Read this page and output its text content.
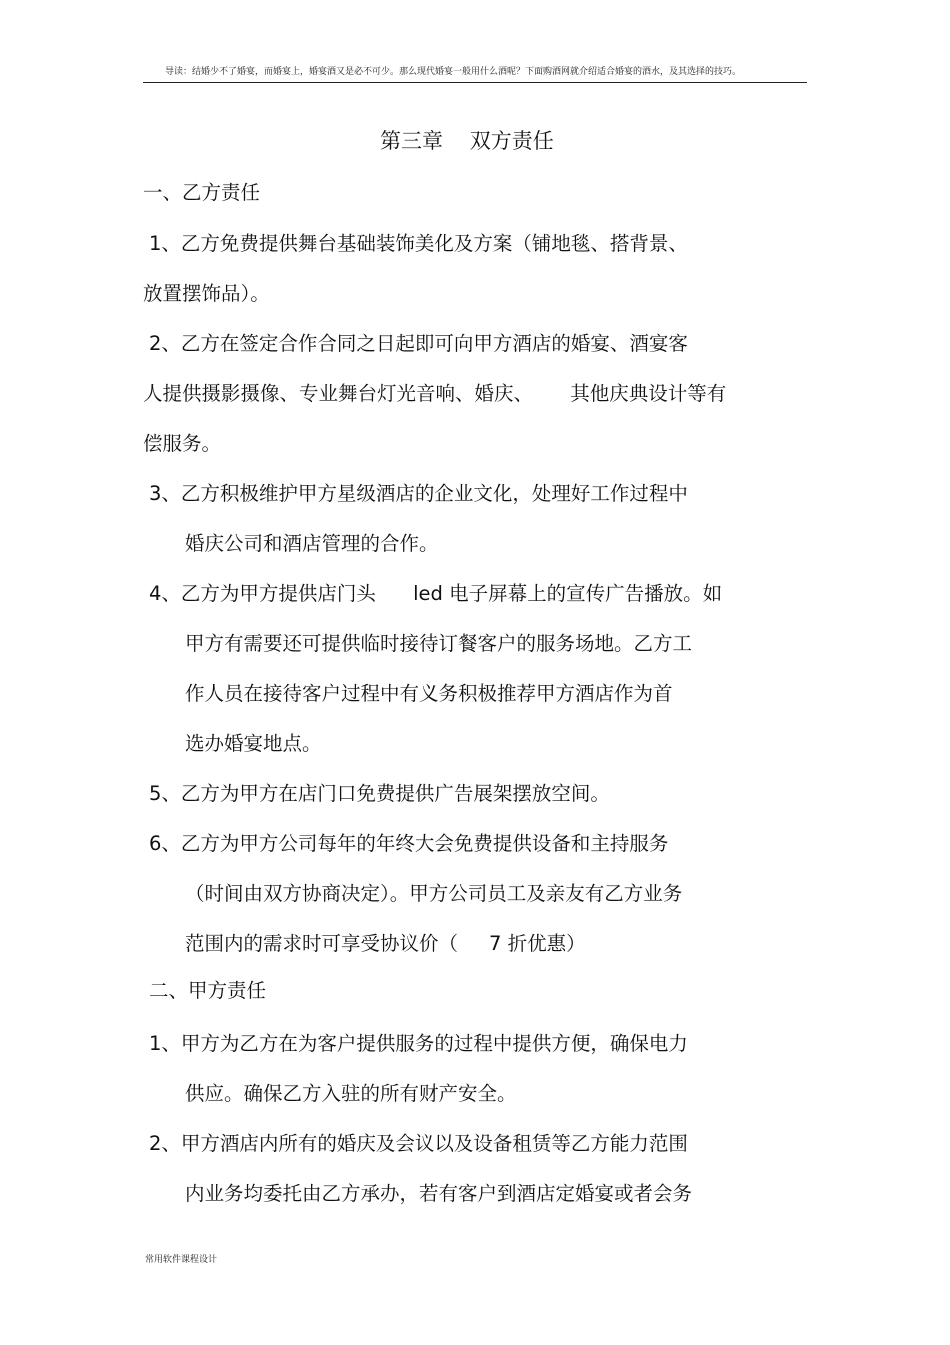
导读：结婚少不了婚宴，而婚宴上，婚宴酒又是必不可少。那么现代婚宴一般用什么酒呢？下面购酒网就介绍适合婚宴的酒水，及其选择的技巧。
第三章    双方责任
一、乙方责任
1、乙方免费提供舞台基础装饰美化及方案（铺地毯、搭背景、
放置摆饰品）。
2、乙方在签定合作合同之日起即可向甲方酒店的婚宴、酒宴客
人提供摄影摄像、专业舞台灯光音响、婚庆、      其他庆典设计等有
偿服务。
3、乙方积极维护甲方星级酒店的企业文化，处理好工作过程中
婚庆公司和酒店管理的合作。
4、乙方为甲方提供店门头      led 电子屏幕上的宣传广告播放。如
甲方有需要还可提供临时接待订餐客户的服务场地。乙方工
作人员在接待客户过程中有义务积极推荐甲方酒店作为首
选办婚宴地点。
5、乙方为甲方在店门口免费提供广告展架摆放空间。
6、乙方为甲方公司每年的年终大会免费提供设备和主持服务
（时间由双方协商决定）。甲方公司员工及亲友有乙方业务
范围内的需求时可享受协议价（     7 折优惠）
二、甲方责任
1、甲方为乙方在为客户提供服务的过程中提供方便，确保电力
供应。确保乙方入驻的所有财产安全。
2、甲方酒店内所有的婚庆及会议以及设备租赁等乙方能力范围
内业务均委托由乙方承办，若有客户到酒店定婚宴或者会务
常用软件课程设计
